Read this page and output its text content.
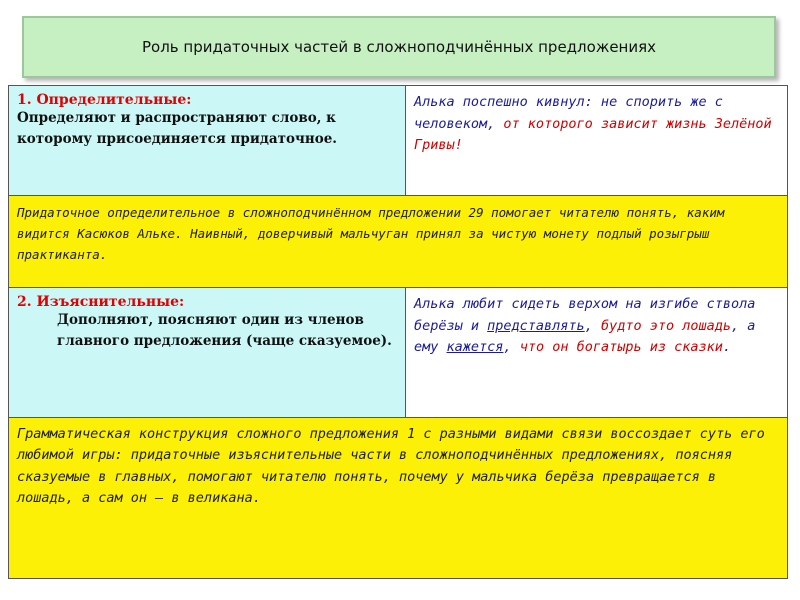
Роль придаточных частей в сложноподчинённых предложениях
1. Определительные:
Определяют и распространяют слово, к которому присоединяется придаточное.	Алька поспешно кивнул: не спорить же с человеком, от которого зависит жизнь Зелёной Гривы!

Придаточное определительное в сложноподчинённом предложении 29 помогает читателю понять, каким видится Касюков Альке. Наивный, доверчивый мальчуган принял за чистую монету подлый розыгрыш практиканта.	

2. Изъяснительные:
Дополняют, поясняют один из членов главного предложения (чаще сказуемое).	Алька любит сидеть верхом на изгибе ствола берёзы и представлять, будто это лошадь, а ему кажется, что он богатырь из сказки.

Грамматическая конструкция сложного предложения 1 с разными видами связи воссоздает суть его любимой игры: придаточные изъяснительные части в сложноподчинённых предложениях, поясняя сказуемые в главных, помогают читателю понять, почему у мальчика берёза превращается в лошадь, а сам он – в великана.	
